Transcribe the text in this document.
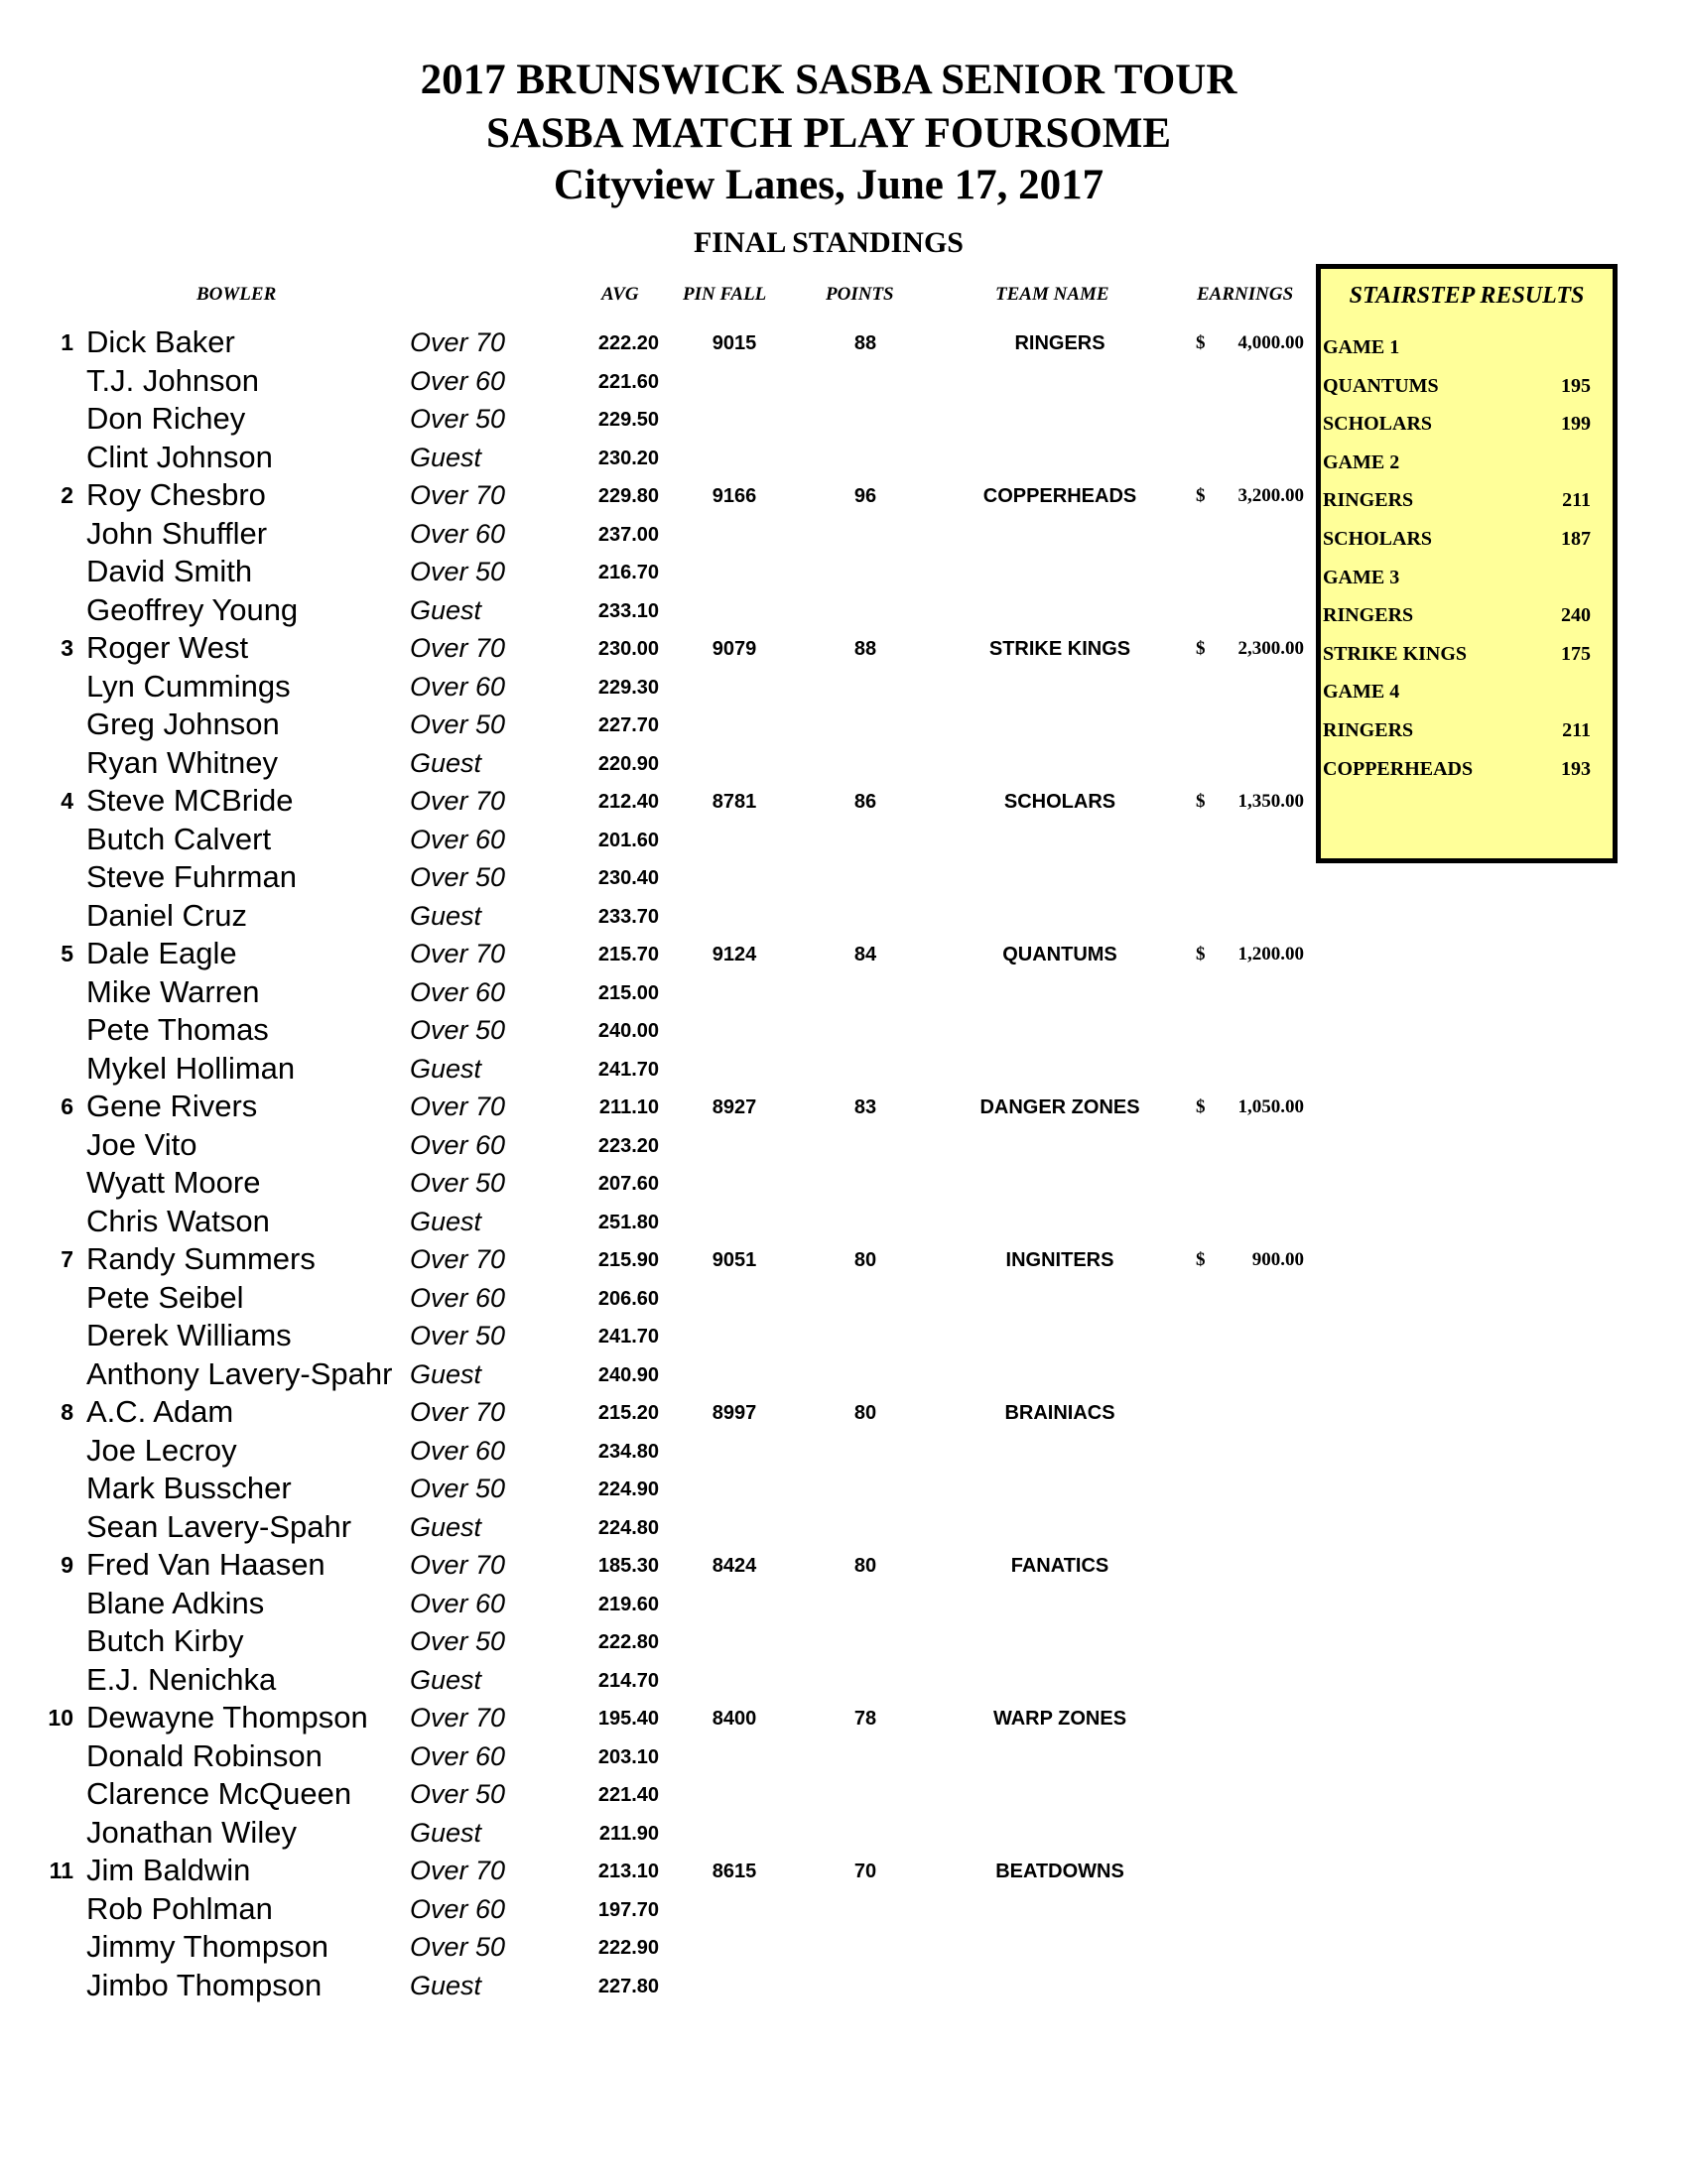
2017 BRUNSWICK SASBA SENIOR TOUR
SASBA MATCH PLAY FOURSOME
Cityview Lanes, June 17, 2017
FINAL STANDINGS
BOWLER	AVG PIN FALL	POINTS	TEAM NAME	EARNINGS
1 Dick Baker	Over 70	222.20	9015	88	RINGERS	$	4,000.00
T.J. Johnson	Over 60	221.60
Don Richey	Over 50	229.50
Clint Johnson	Guest	230.20
2 Roy Chesbro	Over 70	229.80	9166	96	COPPERHEADS	$	3,200.00
John Shuffler	Over 60	237.00
David Smith	Over 50	216.70
Geoffrey Young	Guest	233.10
3 Roger West	Over 70	230.00	9079	88	STRIKE KINGS	$	2,300.00
Lyn Cummings	Over 60	229.30
Greg Johnson	Over 50	227.70
Ryan Whitney	Guest	220.90
4 Steve MCBride	Over 70	212.40	8781	86	SCHOLARS	$	1,350.00
Butch Calvert	Over 60	201.60
Steve Fuhrman	Over 50	230.40
Daniel Cruz	Guest	233.70
5 Dale Eagle	Over 70	215.70	9124	84	QUANTUMS	$	1,200.00
Mike Warren	Over 60	215.00
Pete Thomas	Over 50	240.00
Mykel Holliman	Guest	241.70
6 Gene Rivers	Over 70	211.10	8927	83	DANGER ZONES	$	1,050.00
Joe Vito	Over 60	223.20
Wyatt Moore	Over 50	207.60
Chris Watson	Guest	251.80
7 Randy Summers	Over 70	215.90	9051	80	INGNITERS	$	900.00
Pete Seibel	Over 60	206.60
Derek Williams	Over 50	241.70
Anthony Lavery-Spahr Guest	240.90
8 A.C. Adam	Over 70	215.20	8997	80	BRAINIACS
Joe Lecroy	Over 60	234.80
Mark Busscher	Over 50	224.90
Sean Lavery-Spahr Guest	224.80
9 Fred Van Haasen	Over 70	185.30	8424	80	FANATICS
Blane Adkins	Over 60	219.60
Butch Kirby	Over 50	222.80
E.J. Nenichka	Guest	214.70
10 Dewayne Thompson Over 70	195.40	8400	78	WARP ZONES
Donald Robinson	Over 60	203.10
Clarence McQueen Over 50	221.40
Jonathan Wiley	Guest	211.90
11 Jim Baldwin	Over 70	213.10	8615	70	BEATDOWNS
Rob Pohlman	Over 60	197.70
Jimmy Thompson	Over 50	222.90
Jimbo Thompson	Guest	227.80
STAIRSTEP RESULTS
GAME 1
QUANTUMS	195
SCHOLARS	199
GAME 2
RINGERS	211
SCHOLARS	187
GAME 3
RINGERS	240
STRIKE KINGS	175
GAME 4
RINGERS	211
COPPERHEADS	193
